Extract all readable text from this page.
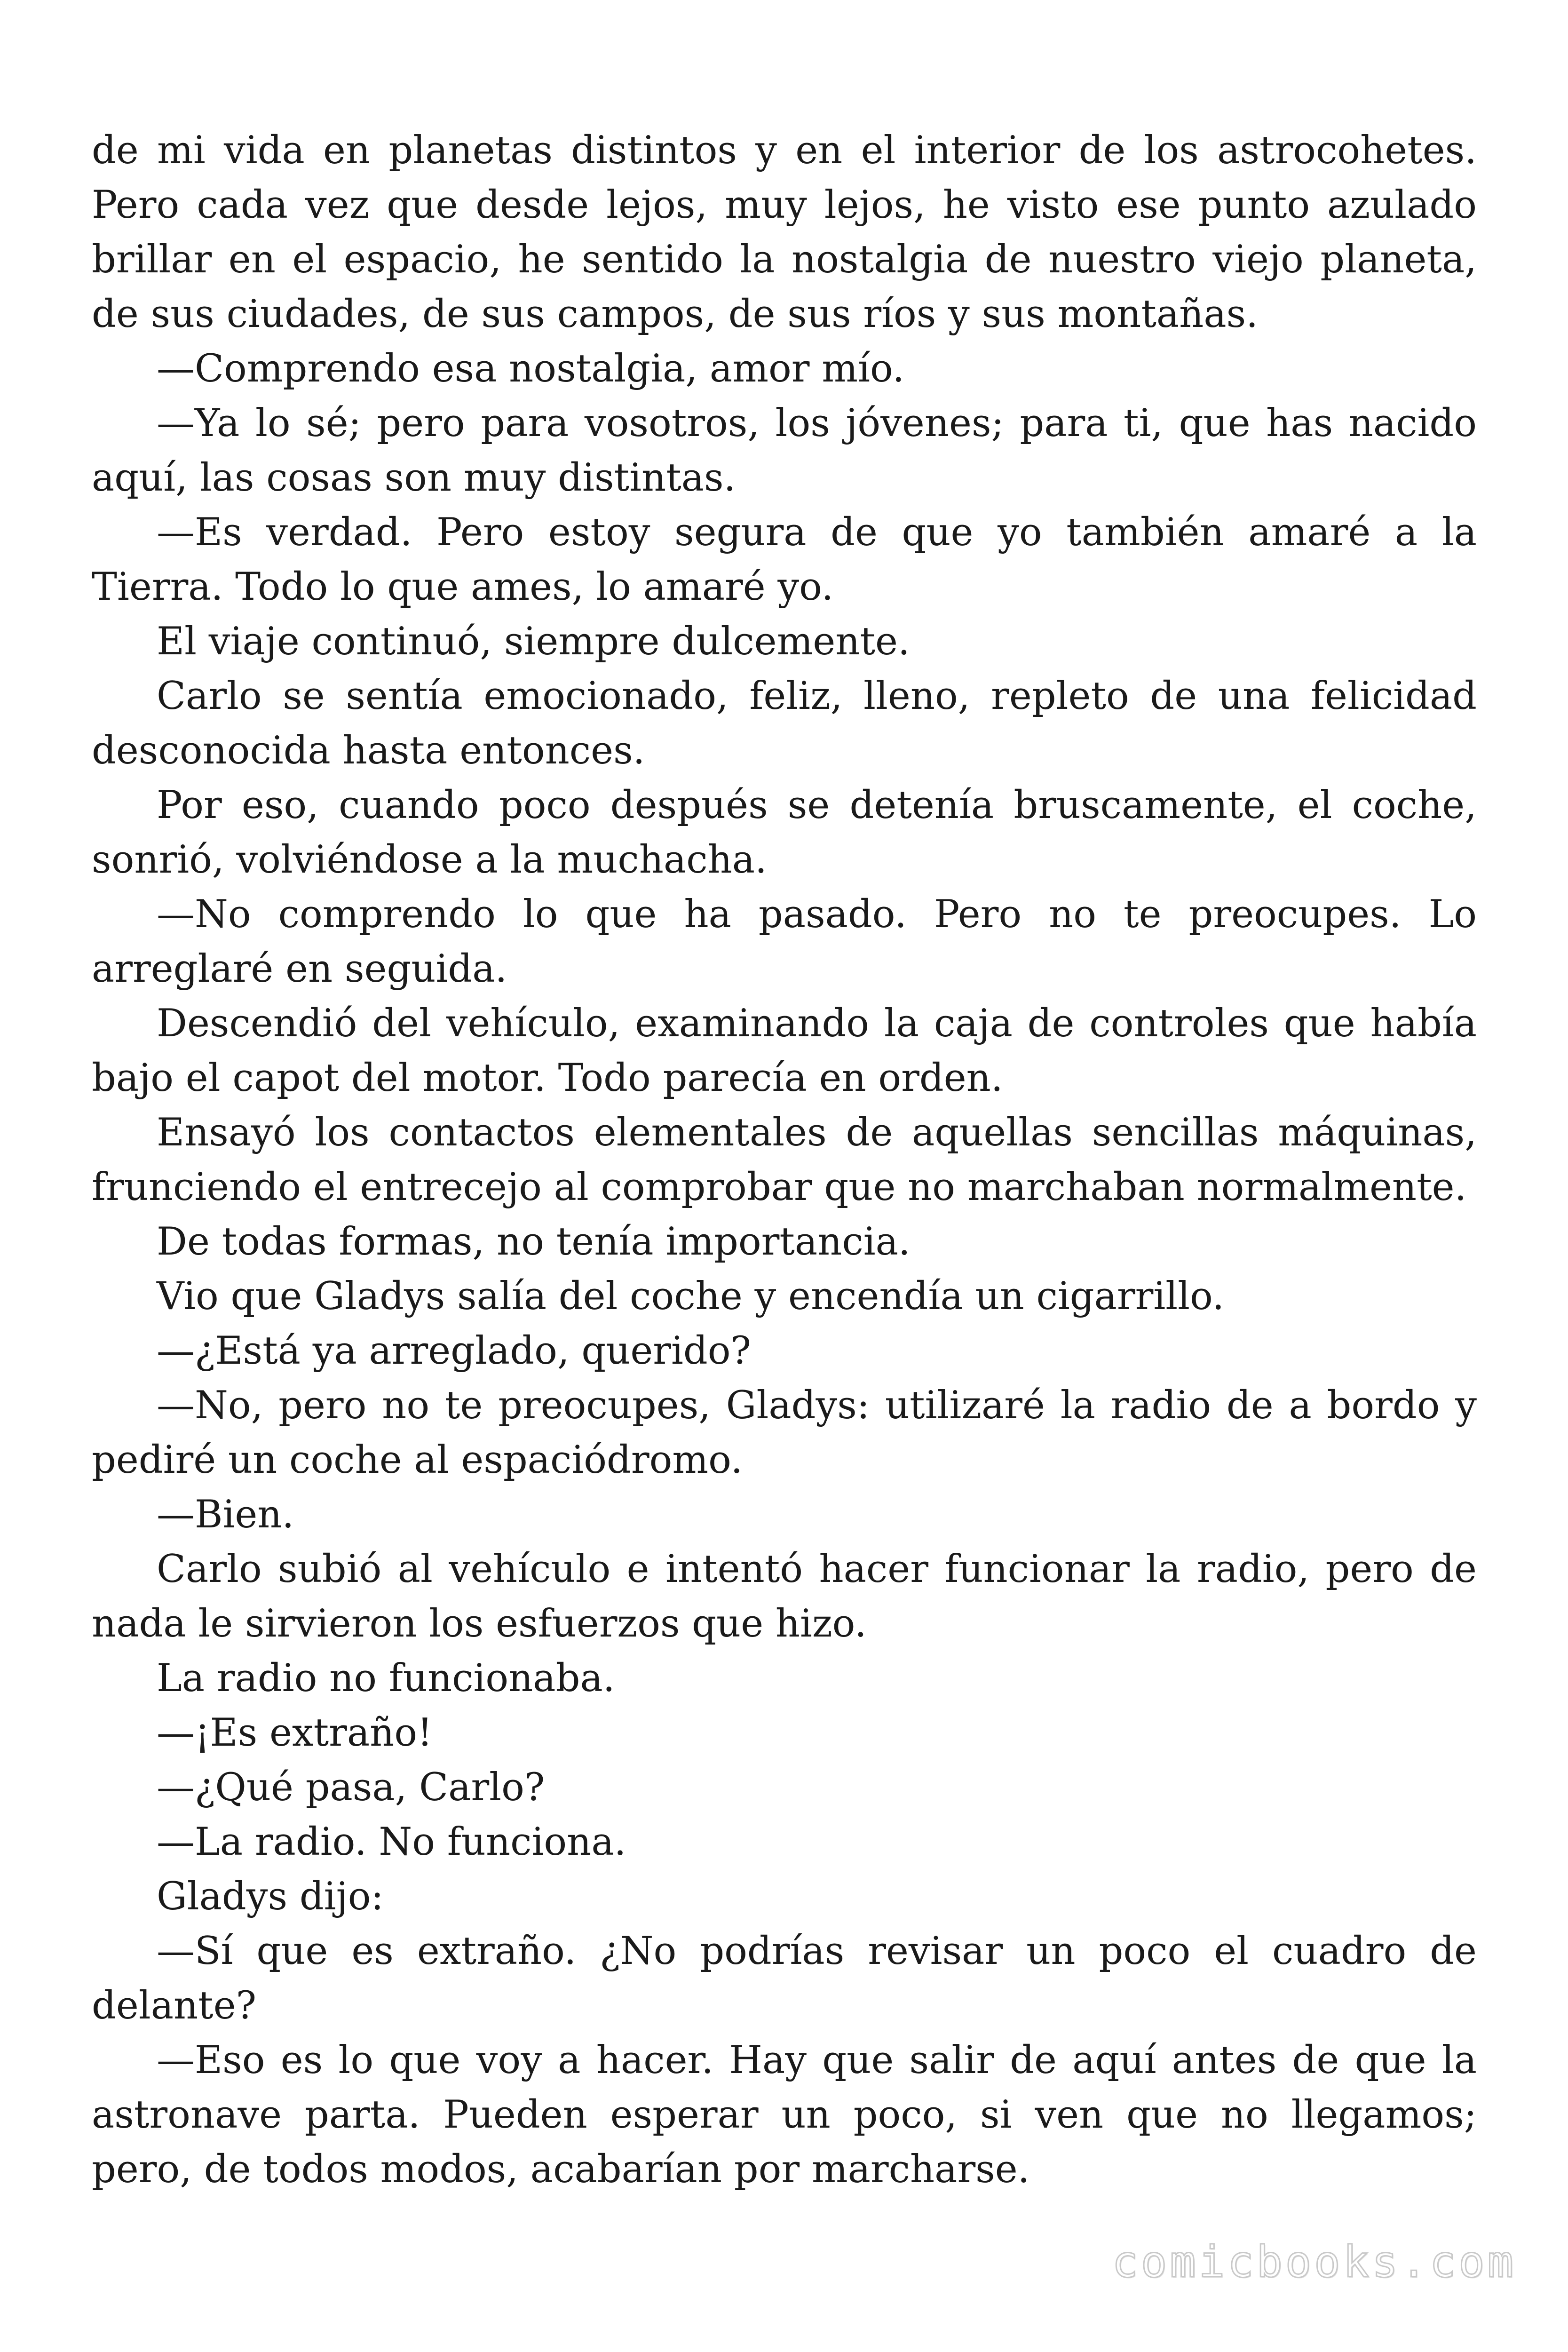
de mi vida en planetas distintos y en el interior de los astrocohetes. Pero cada vez que desde lejos, muy lejos, he visto ese punto azulado brillar en el espacio, he sentido la nostalgia de nuestro viejo planeta, de sus ciudades, de sus campos, de sus ríos y sus montañas.

—Comprendo esa nostalgia, amor mío.

—Ya lo sé; pero para vosotros, los jóvenes; para ti, que has nacido aquí, las cosas son muy distintas.

—Es verdad. Pero estoy segura de que yo también amaré a la Tierra. Todo lo que ames, lo amaré yo.

El viaje continuó, siempre dulcemente.

Carlo se sentía emocionado, feliz, lleno, repleto de una felicidad desconocida hasta entonces.

Por eso, cuando poco después se detenía bruscamente, el coche, sonrió, volviéndose a la muchacha.

—No comprendo lo que ha pasado. Pero no te preocupes. Lo arreglaré en seguida.

Descendió del vehículo, examinando la caja de controles que había bajo el capot del motor. Todo parecía en orden.

Ensayó los contactos elementales de aquellas sencillas máquinas, frunciendo el entrecejo al comprobar que no marchaban normalmente.

De todas formas, no tenía importancia.

Vio que Gladys salía del coche y encendía un cigarrillo.

—¿Está ya arreglado, querido?

—No, pero no te preocupes, Gladys: utilizaré la radio de a bordo y pediré un coche al espaciódromo.

—Bien.

Carlo subió al vehículo e intentó hacer funcionar la radio, pero de nada le sirvieron los esfuerzos que hizo.

La radio no funcionaba.

—¡Es extraño!

—¿Qué pasa, Carlo?

—La radio. No funciona.

Gladys dijo:

—Sí que es extraño. ¿No podrías revisar un poco el cuadro de delante?

—Eso es lo que voy a hacer. Hay que salir de aquí antes de que la astronave parta. Pueden esperar un poco, si ven que no llegamos; pero, de todos modos, acabarían por marcharse.

comicbooks.com
